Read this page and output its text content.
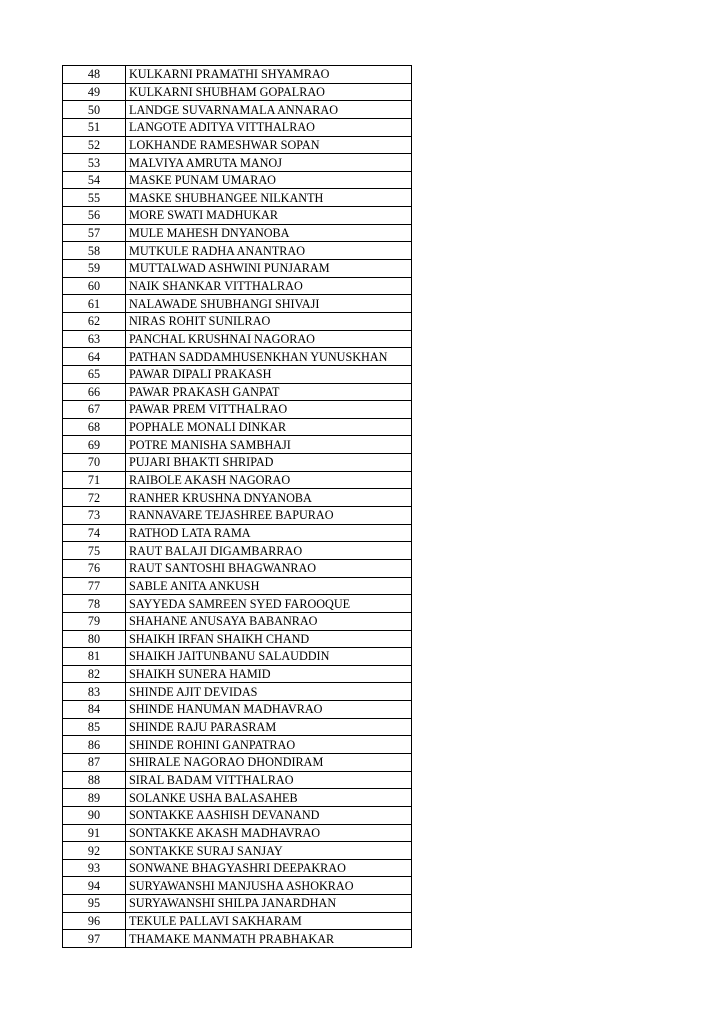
48	KULKARNI PRAMATHI SHYAMRAO
49	KULKARNI SHUBHAM GOPALRAO
50	LANDGE SUVARNAMALA ANNARAO
51	LANGOTE ADITYA VITTHALRAO
52	LOKHANDE RAMESHWAR SOPAN
53	MALVIYA AMRUTA MANOJ
54	MASKE PUNAM UMARAO
55	MASKE SHUBHANGEE NILKANTH
56	MORE SWATI MADHUKAR
57	MULE MAHESH DNYANOBA
58	MUTKULE RADHA ANANTRAO
59	MUTTALWAD ASHWINI PUNJARAM
60	NAIK SHANKAR VITTHALRAO
61	NALAWADE SHUBHANGI SHIVAJI
62	NIRAS ROHIT SUNILRAO
63	PANCHAL KRUSHNAI NAGORAO
64	PATHAN SADDAMHUSENKHAN YUNUSKHAN
65	PAWAR DIPALI PRAKASH
66	PAWAR PRAKASH GANPAT
67	PAWAR PREM VITTHALRAO
68	POPHALE MONALI DINKAR
69	POTRE MANISHA SAMBHAJI
70	PUJARI BHAKTI SHRIPAD
71	RAIBOLE AKASH NAGORAO
72	RANHER KRUSHNA DNYANOBA
73	RANNAVARE TEJASHREE BAPURAO
74	RATHOD LATA RAMA
75	RAUT BALAJI DIGAMBARRAO
76	RAUT SANTOSHI BHAGWANRAO
77	SABLE ANITA ANKUSH
78	SAYYEDA SAMREEN SYED FAROOQUE
79	SHAHANE ANUSAYA BABANRAO
80	SHAIKH IRFAN SHAIKH CHAND
81	SHAIKH JAITUNBANU SALAUDDIN
82	SHAIKH SUNERA HAMID
83	SHINDE AJIT DEVIDAS
84	SHINDE HANUMAN MADHAVRAO
85	SHINDE RAJU PARASRAM
86	SHINDE ROHINI GANPATRAO
87	SHIRALE NAGORAO DHONDIRAM
88	SIRAL BADAM VITTHALRAO
89	SOLANKE USHA BALASAHEB
90	SONTAKKE AASHISH DEVANAND
91	SONTAKKE AKASH MADHAVRAO
92	SONTAKKE SURAJ SANJAY
93	SONWANE BHAGYASHRI DEEPAKRAO
94	SURYAWANSHI MANJUSHA ASHOKRAO
95	SURYAWANSHI SHILPA JANARDHAN
96	TEKULE PALLAVI SAKHARAM
97	THAMAKE MANMATH PRABHAKAR
